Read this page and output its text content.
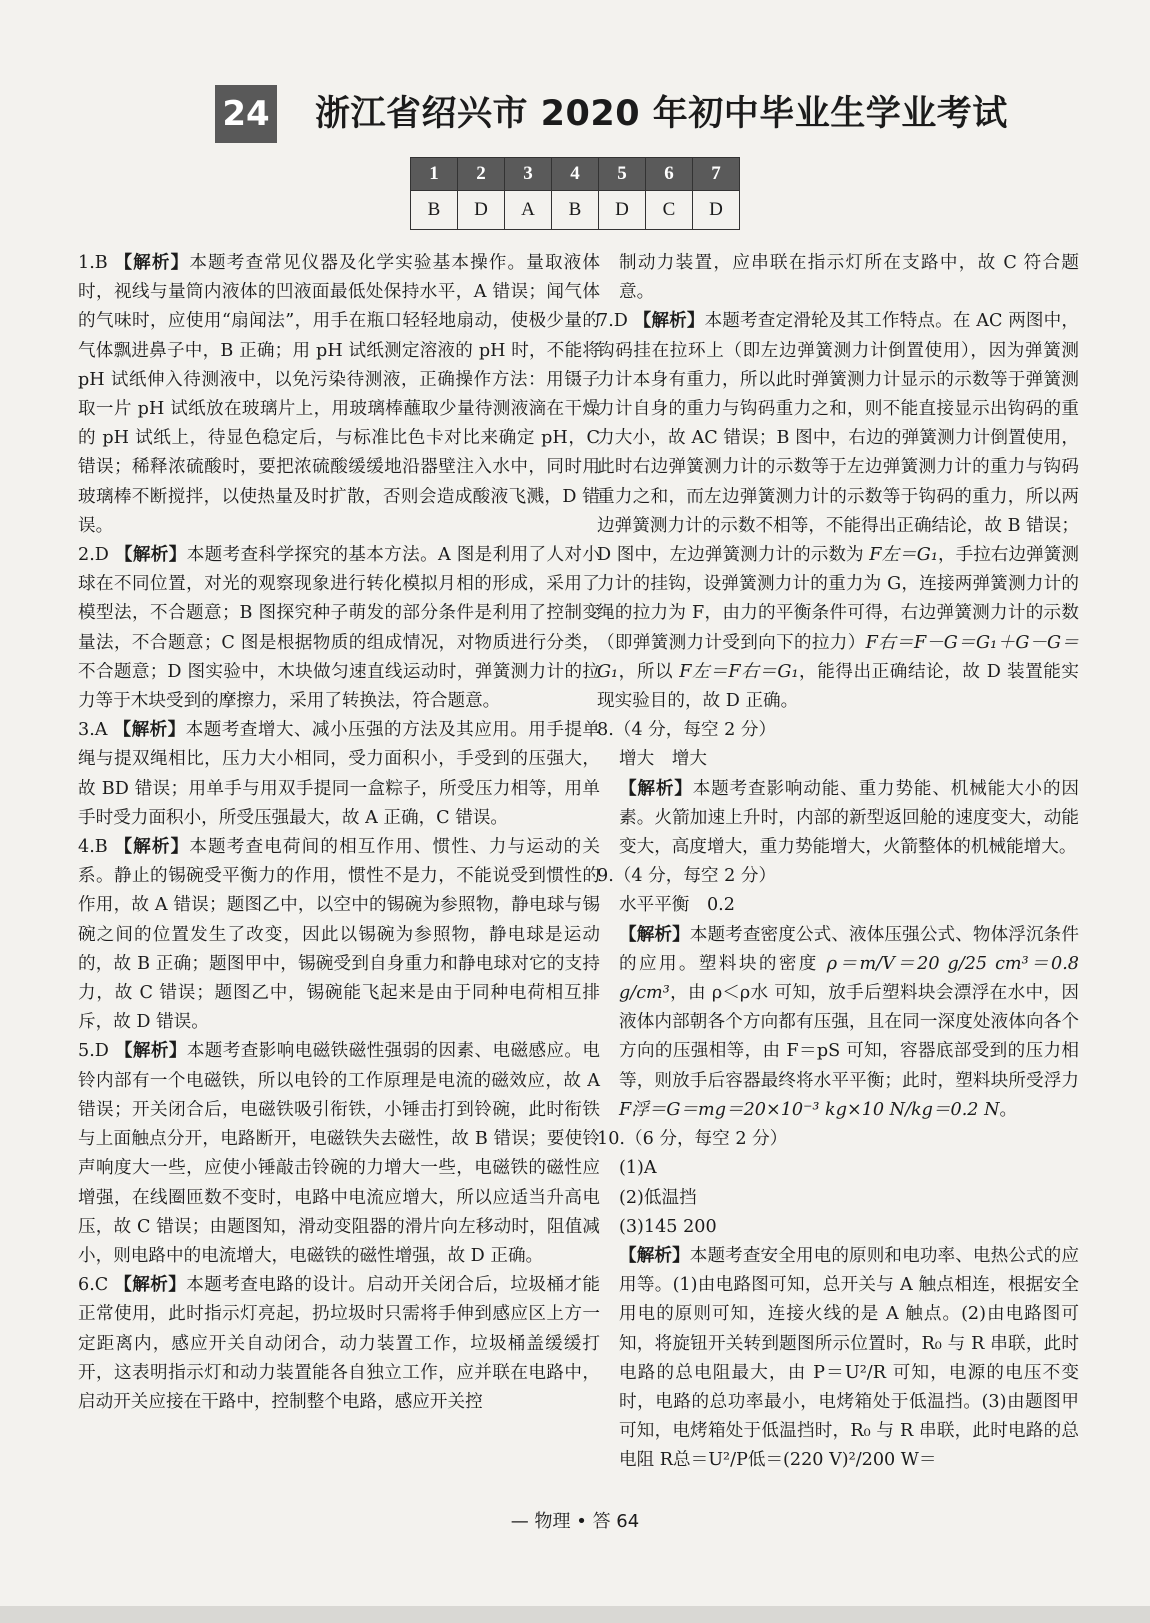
24 浙江省绍兴市 2020 年初中毕业生学业考试
1	2	3	4	5	6	7
B	D	A	B	D	C	D

1.B 【解析】本题考查常见仪器及化学实验基本操作。量取液体时，视线与量筒内液体的凹液面最低处保持水平，A 错误；闻气体的气味时，应使用“扇闻法”，用手在瓶口轻轻地扇动，使极少量的气体飘进鼻子中，B 正确；用 pH 试纸测定溶液的 pH 时，不能将 pH 试纸伸入待测液中，以免污染待测液，正确操作方法：用镊子取一片 pH 试纸放在玻璃片上，用玻璃棒蘸取少量待测液滴在干燥的 pH 试纸上，待显色稳定后，与标准比色卡对比来确定 pH，C 错误；稀释浓硫酸时，要把浓硫酸缓缓地沿器壁注入水中，同时用玻璃棒不断搅拌，以使热量及时扩散，否则会造成酸液飞溅，D 错误。

2.D 【解析】本题考查科学探究的基本方法。A 图是利用了人对小球在不同位置，对光的观察现象进行转化模拟月相的形成，采用了模型法，不合题意；B 图探究种子萌发的部分条件是利用了控制变量法，不合题意；C 图是根据物质的组成情况，对物质进行分类，不合题意；D 图实验中，木块做匀速直线运动时，弹簧测力计的拉力等于木块受到的摩擦力，采用了转换法，符合题意。

3.A 【解析】本题考查增大、减小压强的方法及其应用。用手提单绳与提双绳相比，压力大小相同，受力面积小，手受到的压强大，故 BD 错误；用单手与用双手提同一盒粽子，所受压力相等，用单手时受力面积小，所受压强最大，故 A 正确，C 错误。

4.B 【解析】本题考查电荷间的相互作用、惯性、力与运动的关系。静止的锡碗受平衡力的作用，惯性不是力，不能说受到惯性的作用，故 A 错误；题图乙中，以空中的锡碗为参照物，静电球与锡碗之间的位置发生了改变，因此以锡碗为参照物，静电球是运动的，故 B 正确；题图甲中，锡碗受到自身重力和静电球对它的支持力，故 C 错误；题图乙中，锡碗能飞起来是由于同种电荷相互排斥，故 D 错误。

5.D 【解析】本题考查影响电磁铁磁性强弱的因素、电磁感应。电铃内部有一个电磁铁，所以电铃的工作原理是电流的磁效应，故 A 错误；开关闭合后，电磁铁吸引衔铁，小锤击打到铃碗，此时衔铁与上面触点分开，电路断开，电磁铁失去磁性，故 B 错误；要使铃声响度大一些，应使小锤敲击铃碗的力增大一些，电磁铁的磁性应增强，在线圈匝数不变时，电路中电流应增大，所以应适当升高电压，故 C 错误；由题图知，滑动变阻器的滑片向左移动时，阻值减小，则电路中的电流增大，电磁铁的磁性增强，故 D 正确。

6.C 【解析】本题考查电路的设计。启动开关闭合后，垃圾桶才能正常使用，此时指示灯亮起，扔垃圾时只需将手伸到感应区上方一定距离内，感应开关自动闭合，动力装置工作，垃圾桶盖缓缓打开，这表明指示灯和动力装置能各自独立工作，应并联在电路中，启动开关应接在干路中，控制整个电路，感应开关控

制动力装置，应串联在指示灯所在支路中，故 C 符合题意。

7.D 【解析】本题考查定滑轮及其工作特点。在 AC 两图中，钩码挂在拉环上（即左边弹簧测力计倒置使用），因为弹簧测力计本身有重力，所以此时弹簧测力计显示的示数等于弹簧测力计自身的重力与钩码重力之和，则不能直接显示出钩码的重力大小，故 AC 错误；B 图中，右边的弹簧测力计倒置使用，此时右边弹簧测力计的示数等于左边弹簧测力计的重力与钩码重力之和，而左边弹簧测力计的示数等于钩码的重力，所以两边弹簧测力计的示数不相等，不能得出正确结论，故 B 错误；D 图中，左边弹簧测力计的示数为 F左＝G₁，手拉右边弹簧测力计的挂钩，设弹簧测力计的重力为 G，连接两弹簧测力计的绳的拉力为 F，由力的平衡条件可得，右边弹簧测力计的示数（即弹簧测力计受到向下的拉力）F右＝F－G＝G₁＋G－G＝G₁，所以 F左＝F右＝G₁，能得出正确结论，故 D 装置能实现实验目的，故 D 正确。

8.（4 分，每空 2 分）

增大　增大

【解析】本题考查影响动能、重力势能、机械能大小的因素。火箭加速上升时，内部的新型返回舱的速度变大，动能变大，高度增大，重力势能增大，火箭整体的机械能增大。

9.（4 分，每空 2 分）

水平平衡　0.2

【解析】本题考查密度公式、液体压强公式、物体浮沉条件的应用。塑料块的密度 ρ＝m/V＝20 g/25 cm³＝0.8 g/cm³，由 ρ＜ρ水 可知，放手后塑料块会漂浮在水中，因液体内部朝各个方向都有压强，且在同一深度处液体向各个方向的压强相等，由 F＝pS 可知，容器底部受到的压力相等，则放手后容器最终将水平平衡；此时，塑料块所受浮力 F浮＝G＝mg＝20×10⁻³ kg×10 N/kg＝0.2 N。

10.（6 分，每空 2 分）

(1)A

(2)低温挡

(3)145 200

【解析】本题考查安全用电的原则和电功率、电热公式的应用等。(1)由电路图可知，总开关与 A 触点相连，根据安全用电的原则可知，连接火线的是 A 触点。(2)由电路图可知，将旋钮开关转到题图所示位置时，R₀ 与 R 串联，此时电路的总电阻最大，由 P＝U²/R 可知，电源的电压不变时，电路的总功率最小，电烤箱处于低温挡。(3)由题图甲可知，电烤箱处于低温挡时，R₀ 与 R 串联，此时电路的总电阻 R总＝U²/P低＝(220 V)²/200 W＝

— 物理 • 答 64
